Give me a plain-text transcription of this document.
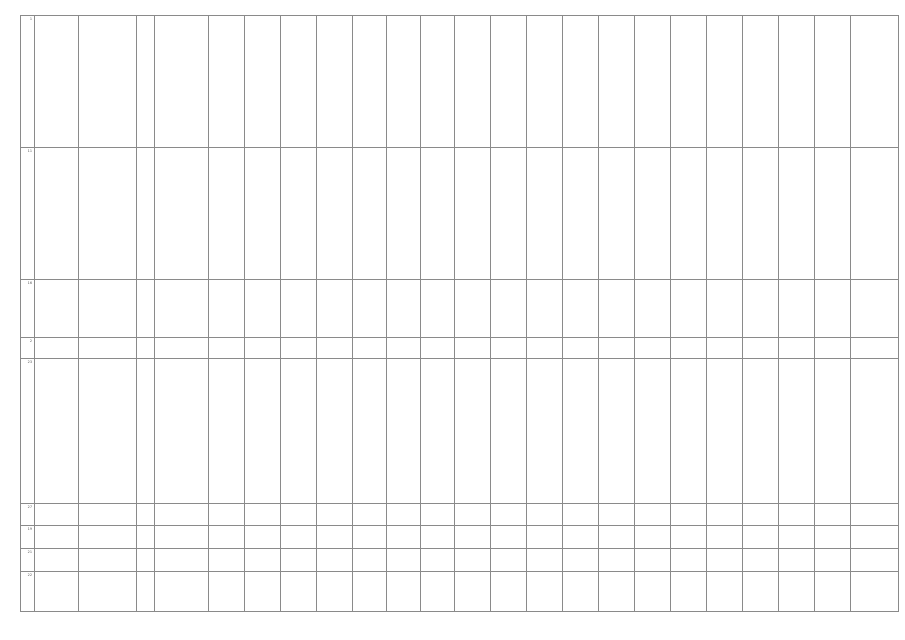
1																							
11																							
16																							
2																							
23																							
27																							
19																							
21																							
22																							
